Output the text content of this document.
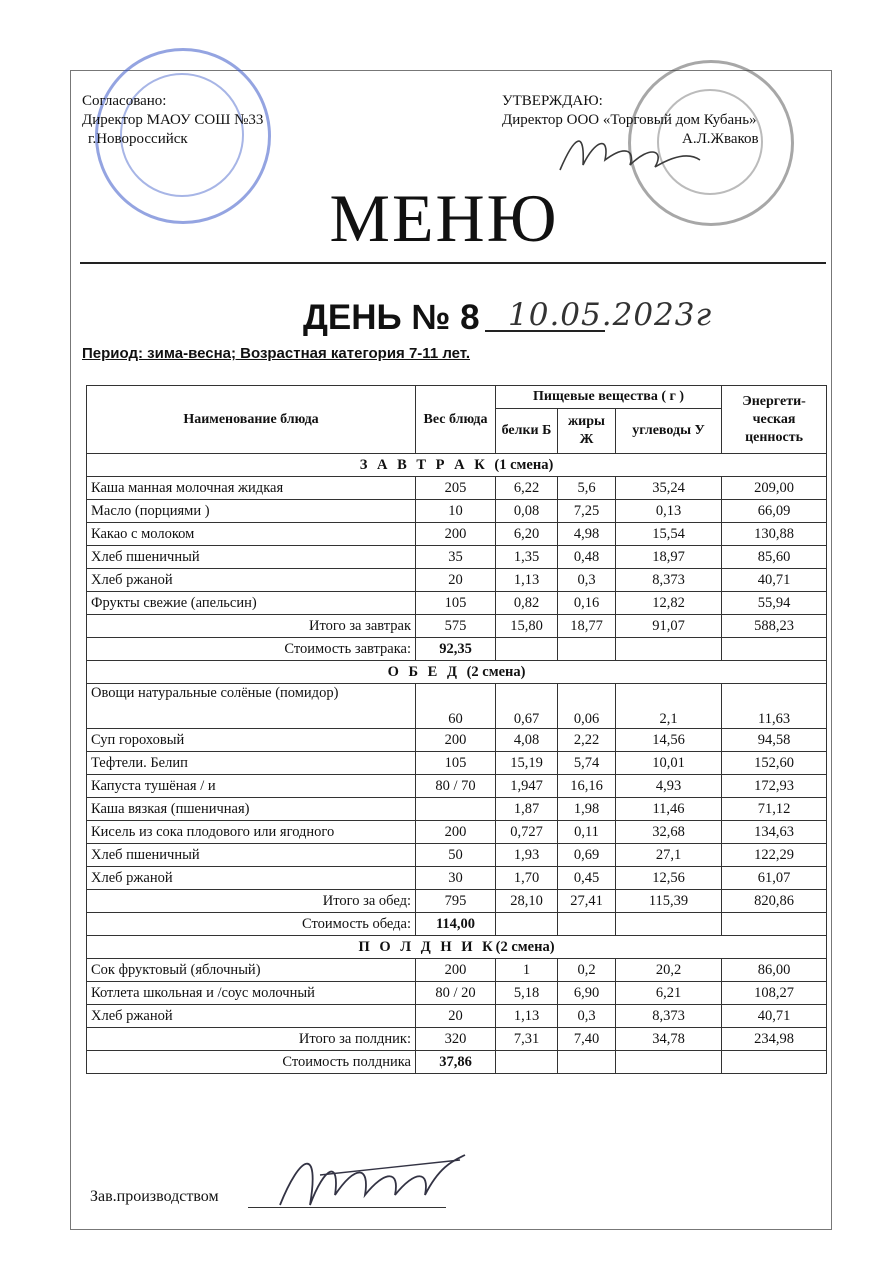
Согласовано:
Директор МАОУ СОШ №33
г.Новороссийск
УТВЕРЖДАЮ:
Директор ООО «Торговый дом Кубань»
А.Л.Жваков
МЕНЮ
ДЕНЬ № 8 10.05.2023г
Период: зима-весна; Возрастная категория 7-11 лет.
Наименование блюда	Вес блюда	Пищевые вещества ( г )			Энергети-ческая ценность
		белки Б	жиры Ж	углеводы У	
З А В Т Р А К (1 смена)					
Каша манная молочная жидкая	205	6,22	5,6	35,24	209,00
Масло (порциями )	10	0,08	7,25	0,13	66,09
Какао с молоком	200	6,20	4,98	15,54	130,88
Хлеб пшеничный	35	1,35	0,48	18,97	85,60
Хлеб ржаной	20	1,13	0,3	8,373	40,71
Фрукты свежие (апельсин)	105	0,82	0,16	12,82	55,94
Итого за завтрак	575	15,80	18,77	91,07	588,23
Стоимость завтрака:	92,35				
О Б Е Д (2 смена)					
Овощи натуральные солёные (помидор)	60	0,67	0,06	2,1	11,63
Суп гороховый	200	4,08	2,22	14,56	94,58
Тефтели. Белип	105	15,19	5,74	10,01	152,60
Капуста тушёная / и	80 / 70	1,947	16,16	4,93	172,93
Каша вязкая (пшеничная)		1,87	1,98	11,46	71,12
Кисель из сока плодового или ягодного	200	0,727	0,11	32,68	134,63
Хлеб пшеничный	50	1,93	0,69	27,1	122,29
Хлеб ржаной	30	1,70	0,45	12,56	61,07
Итого за обед:	795	28,10	27,41	115,39	820,86
Стоимость обеда:	114,00				
П О Л Д Н И К(2 смена)					
Сок фруктовый (яблочный)	200	1	0,2	20,2	86,00
Котлета школьная и /соус молочный	80 / 20	5,18	6,90	6,21	108,27
Хлеб ржаной	20	1,13	0,3	8,373	40,71
Итого за полдник:	320	7,31	7,40	34,78	234,98
Стоимость полдника	37,86				
Зав.производством
